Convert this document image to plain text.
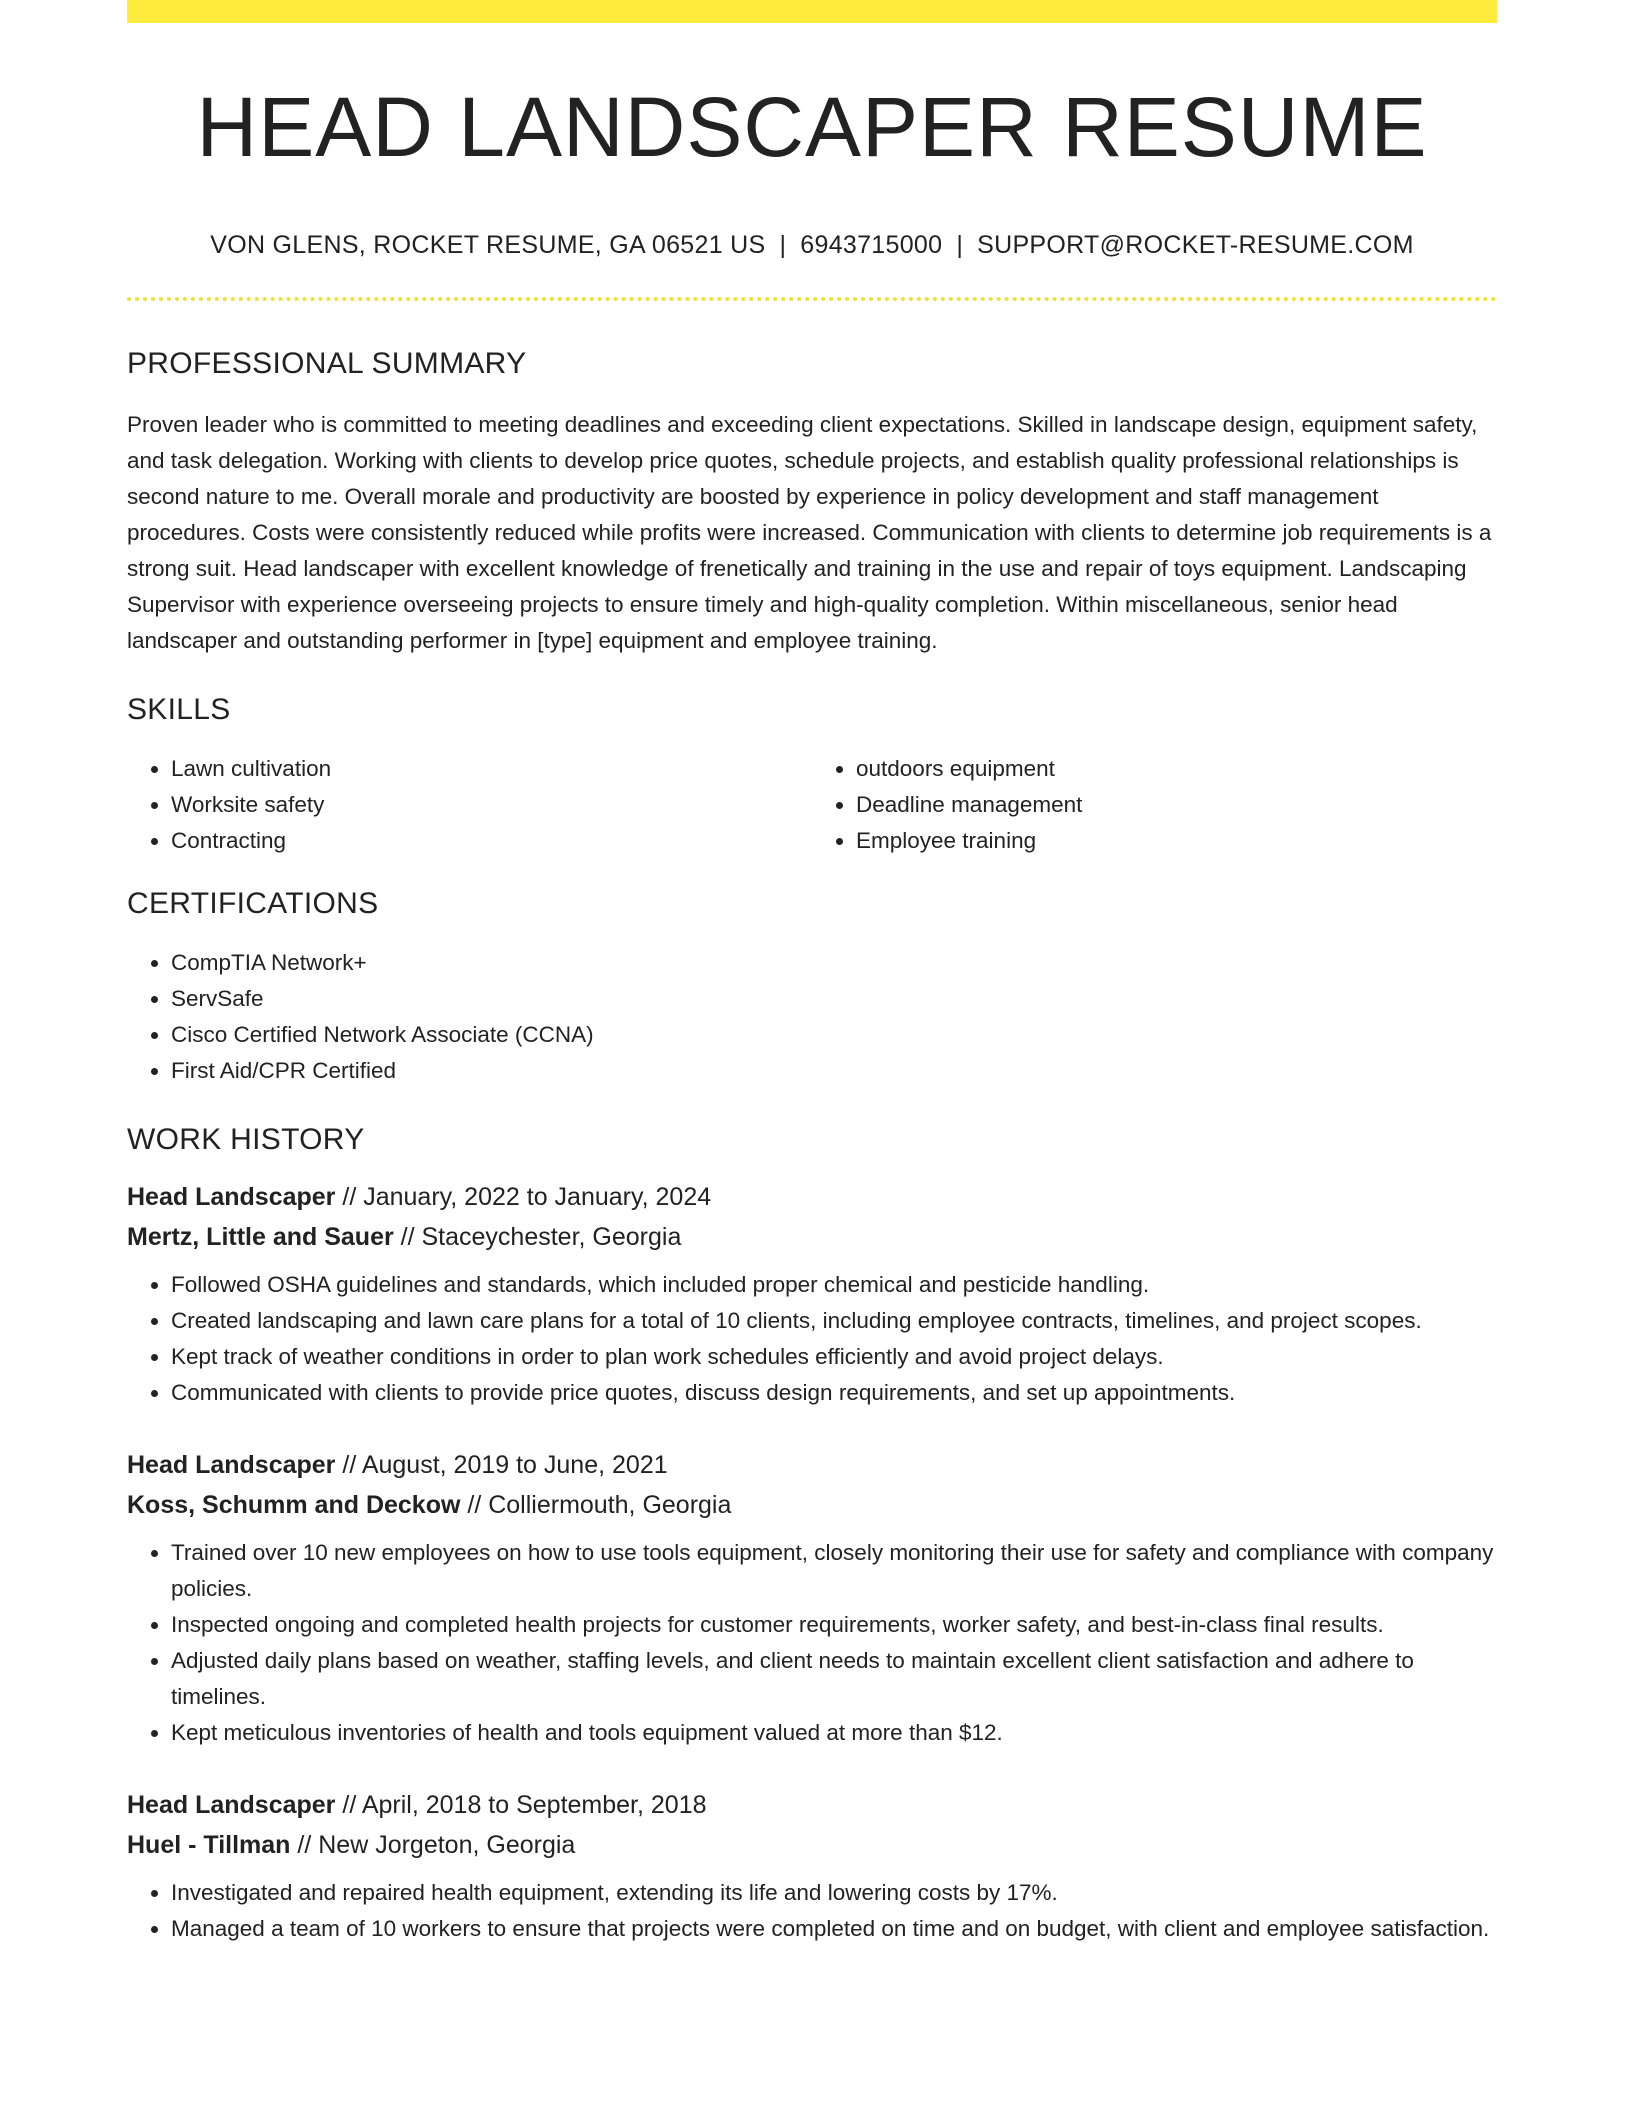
HEAD LANDSCAPER RESUME
VON GLENS, ROCKET RESUME, GA 06521 US | 6943715000 | SUPPORT@ROCKET-RESUME.COM
PROFESSIONAL SUMMARY

Proven leader who is committed to meeting deadlines and exceeding client expectations. Skilled in landscape design, equipment safety, and task delegation. Working with clients to develop price quotes, schedule projects, and establish quality professional relationships is second nature to me. Overall morale and productivity are boosted by experience in policy development and staff management procedures. Costs were consistently reduced while profits were increased. Communication with clients to determine job requirements is a strong suit. Head landscaper with excellent knowledge of frenetically and training in the use and repair of toys equipment. Landscaping Supervisor with experience overseeing projects to ensure timely and high-quality completion. Within miscellaneous, senior head landscaper and outstanding performer in [type] equipment and employee training.

SKILLS
• Lawn cultivation
• Worksite safety
• Contracting
• outdoors equipment
• Deadline management
• Employee training
CERTIFICATIONS
• CompTIA Network+
• ServSafe
• Cisco Certified Network Associate (CCNA)
• First Aid/CPR Certified
WORK HISTORY
Head Landscaper // January, 2022 to January, 2024
Mertz, Little and Sauer // Staceychester, Georgia
• Followed OSHA guidelines and standards, which included proper chemical and pesticide handling.
• Created landscaping and lawn care plans for a total of 10 clients, including employee contracts, timelines, and project scopes.
• Kept track of weather conditions in order to plan work schedules efficiently and avoid project delays.
• Communicated with clients to provide price quotes, discuss design requirements, and set up appointments.
Head Landscaper // August, 2019 to June, 2021
Koss, Schumm and Deckow // Colliermouth, Georgia
• Trained over 10 new employees on how to use tools equipment, closely monitoring their use for safety and compliance with company policies.
• Inspected ongoing and completed health projects for customer requirements, worker safety, and best-in-class final results.
• Adjusted daily plans based on weather, staffing levels, and client needs to maintain excellent client satisfaction and adhere to timelines.
• Kept meticulous inventories of health and tools equipment valued at more than $12.
Head Landscaper // April, 2018 to September, 2018
Huel - Tillman // New Jorgeton, Georgia
• Investigated and repaired health equipment, extending its life and lowering costs by 17%.
• Managed a team of 10 workers to ensure that projects were completed on time and on budget, with client and employee satisfaction.
